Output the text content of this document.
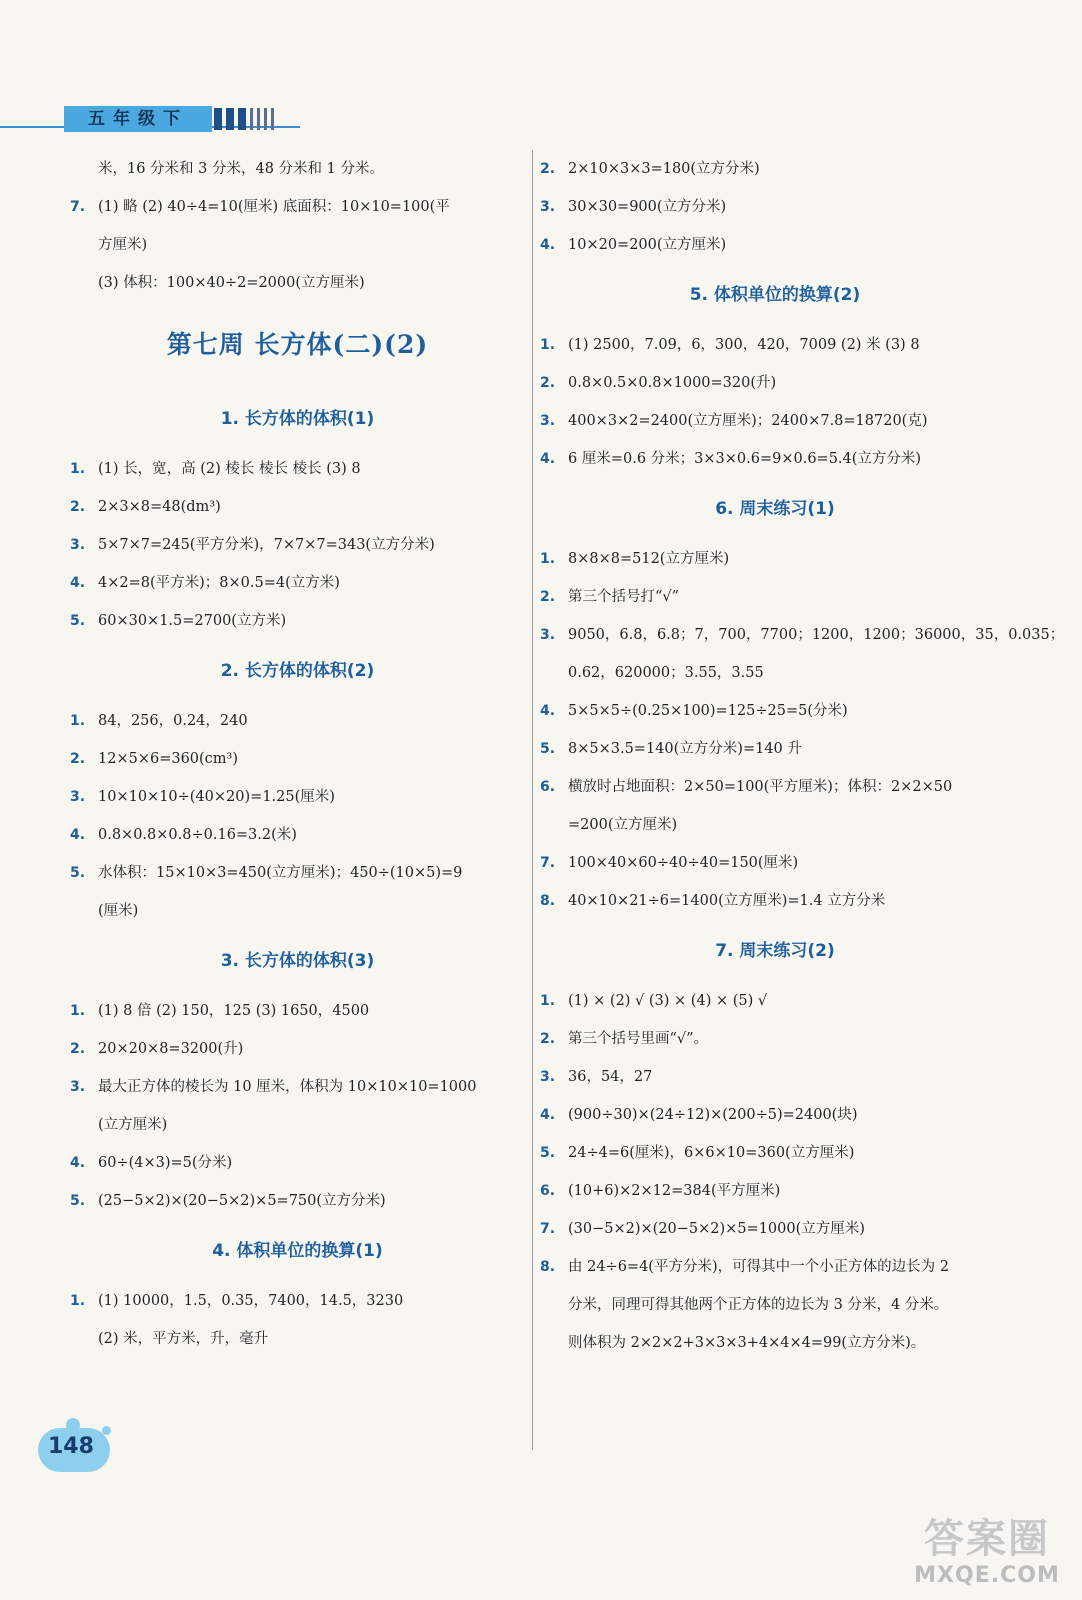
五年级下
米，16 分米和 3 分米，48 分米和 1 分米。
7. (1) 略 (2) 40÷4=10(厘米) 底面积：10×10=100(平
方厘米)
(3) 体积：100×40÷2=2000(立方厘米)
第七周 长方体(二)(2)
1. 长方体的体积(1)
1. (1) 长，宽，高 (2) 棱长 棱长 棱长 (3) 8
2. 2×3×8=48(dm³)
3. 5×7×7=245(平方分米)，7×7×7=343(立方分米)
4. 4×2=8(平方米)；8×0.5=4(立方米)
5. 60×30×1.5=2700(立方米)
2. 长方体的体积(2)
1. 84，256，0.24，240
2. 12×5×6=360(cm³)
3. 10×10×10÷(40×20)=1.25(厘米)
4. 0.8×0.8×0.8÷0.16=3.2(米)
5. 水体积：15×10×3=450(立方厘米)；450÷(10×5)=9
(厘米)
3. 长方体的体积(3)
1. (1) 8 倍 (2) 150，125 (3) 1650，4500
2. 20×20×8=3200(升)
3. 最大正方体的棱长为 10 厘米，体积为 10×10×10=1000
(立方厘米)
4. 60÷(4×3)=5(分米)
5. (25−5×2)×(20−5×2)×5=750(立方分米)
4. 体积单位的换算(1)
1. (1) 10000，1.5，0.35，7400，14.5，3230
(2) 米，平方米，升，毫升
2. 2×10×3×3=180(立方分米)
3. 30×30=900(立方分米)
4. 10×20=200(立方厘米)
5. 体积单位的换算(2)
1. (1) 2500，7.09，6，300，420，7009 (2) 米 (3) 8
2. 0.8×0.5×0.8×1000=320(升)
3. 400×3×2=2400(立方厘米)；2400×7.8=18720(克)
4. 6 厘米=0.6 分米；3×3×0.6=9×0.6=5.4(立方分米)
6. 周末练习(1)
1. 8×8×8=512(立方厘米)
2. 第三个括号打“√”
3. 9050，6.8，6.8；7，700，7700；1200，1200；36000，35，0.035；
0.62，620000；3.55，3.55
4. 5×5×5÷(0.25×100)=125÷25=5(分米)
5. 8×5×3.5=140(立方分米)=140 升
6. 横放时占地面积：2×50=100(平方厘米)；体积：2×2×50
=200(立方厘米)
7. 100×40×60÷40÷40=150(厘米)
8. 40×10×21÷6=1400(立方厘米)=1.4 立方分米
7. 周末练习(2)
1. (1) × (2) √ (3) × (4) × (5) √
2. 第三个括号里画“√”。
3. 36，54，27
4. (900÷30)×(24÷12)×(200÷5)=2400(块)
5. 24÷4=6(厘米)，6×6×10=360(立方厘米)
6. (10+6)×2×12=384(平方厘米)
7. (30−5×2)×(20−5×2)×5=1000(立方厘米)
8. 由 24÷6=4(平方分米)，可得其中一个小正方体的边长为 2
分米，同理可得其他两个正方体的边长为 3 分米，4 分米。
则体积为 2×2×2+3×3×3+4×4×4=99(立方分米)。
148
答案圈
MXQE.COM
